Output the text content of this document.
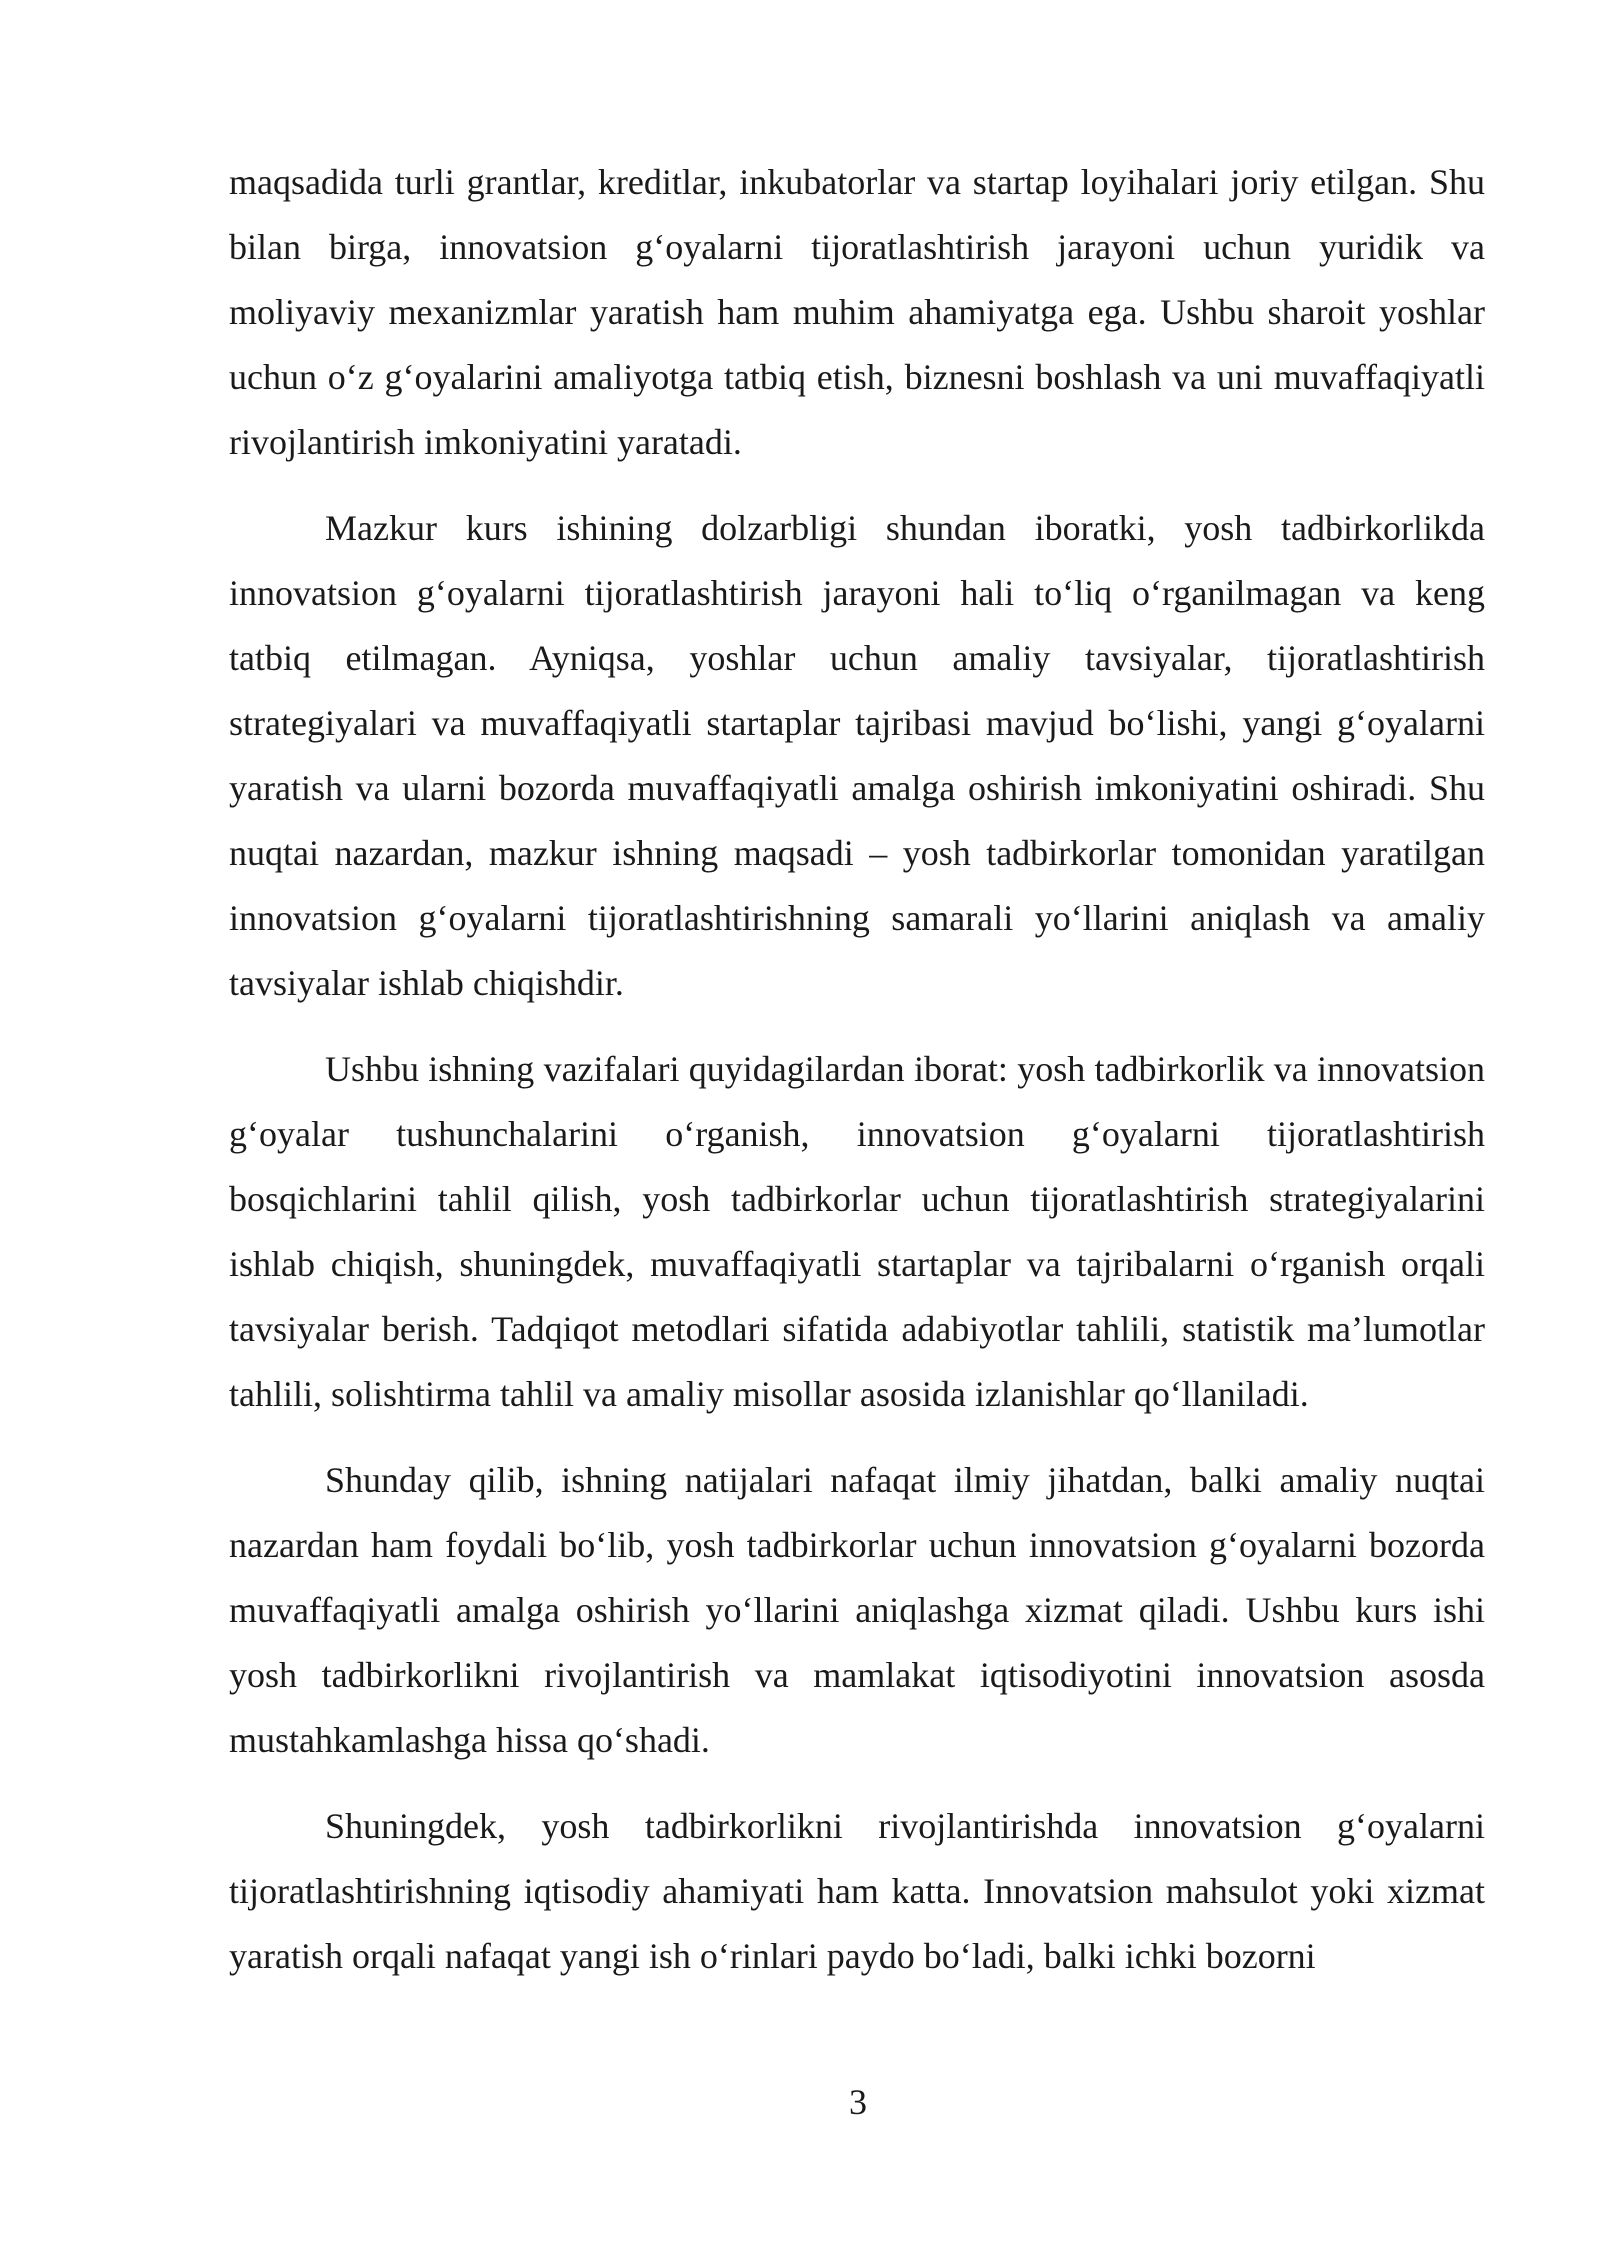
maqsadida turli grantlar, kreditlar, inkubatorlar va startap loyihalari joriy etilgan. Shu bilan birga, innovatsion g‘oyalarni tijoratlashtirish jarayoni uchun yuridik va moliyaviy mexanizmlar yaratish ham muhim ahamiyatga ega. Ushbu sharoit yoshlar uchun o‘z g‘oyalarini amaliyotga tatbiq etish, biznesni boshlash va uni muvaffaqiyatli rivojlantirish imkoniyatini yaratadi.

Mazkur kurs ishining dolzarbligi shundan iboratki, yosh tadbirkorlikda innovatsion g‘oyalarni tijoratlashtirish jarayoni hali to‘liq o‘rganilmagan va keng tatbiq etilmagan. Ayniqsa, yoshlar uchun amaliy tavsiyalar, tijoratlashtirish strategiyalari va muvaffaqiyatli startaplar tajribasi mavjud bo‘lishi, yangi g‘oyalarni yaratish va ularni bozorda muvaffaqiyatli amalga oshirish imkoniyatini oshiradi. Shu nuqtai nazardan, mazkur ishning maqsadi – yosh tadbirkorlar tomonidan yaratilgan innovatsion g‘oyalarni tijoratlashtirishning samarali yo‘llarini aniqlash va amaliy tavsiyalar ishlab chiqishdir.

Ushbu ishning vazifalari quyidagilardan iborat: yosh tadbirkorlik va innovatsion g‘oyalar tushunchalarini o‘rganish, innovatsion g‘oyalarni tijoratlashtirish bosqichlarini tahlil qilish, yosh tadbirkorlar uchun tijoratlashtirish strategiyalarini ishlab chiqish, shuningdek, muvaffaqiyatli startaplar va tajribalarni o‘rganish orqali tavsiyalar berish. Tadqiqot metodlari sifatida adabiyotlar tahlili, statistik ma’lumotlar tahlili, solishtirma tahlil va amaliy misollar asosida izlanishlar qo‘llaniladi.

Shunday qilib, ishning natijalari nafaqat ilmiy jihatdan, balki amaliy nuqtai nazardan ham foydali bo‘lib, yosh tadbirkorlar uchun innovatsion g‘oyalarni bozorda muvaffaqiyatli amalga oshirish yo‘llarini aniqlashga xizmat qiladi. Ushbu kurs ishi yosh tadbirkorlikni rivojlantirish va mamlakat iqtisodiyotini innovatsion asosda mustahkamlashga hissa qo‘shadi.

Shuningdek, yosh tadbirkorlikni rivojlantirishda innovatsion g‘oyalarni tijoratlashtirishning iqtisodiy ahamiyati ham katta. Innovatsion mahsulot yoki xizmat yaratish orqali nafaqat yangi ish o‘rinlari paydo bo‘ladi, balki ichki bozorni

3
